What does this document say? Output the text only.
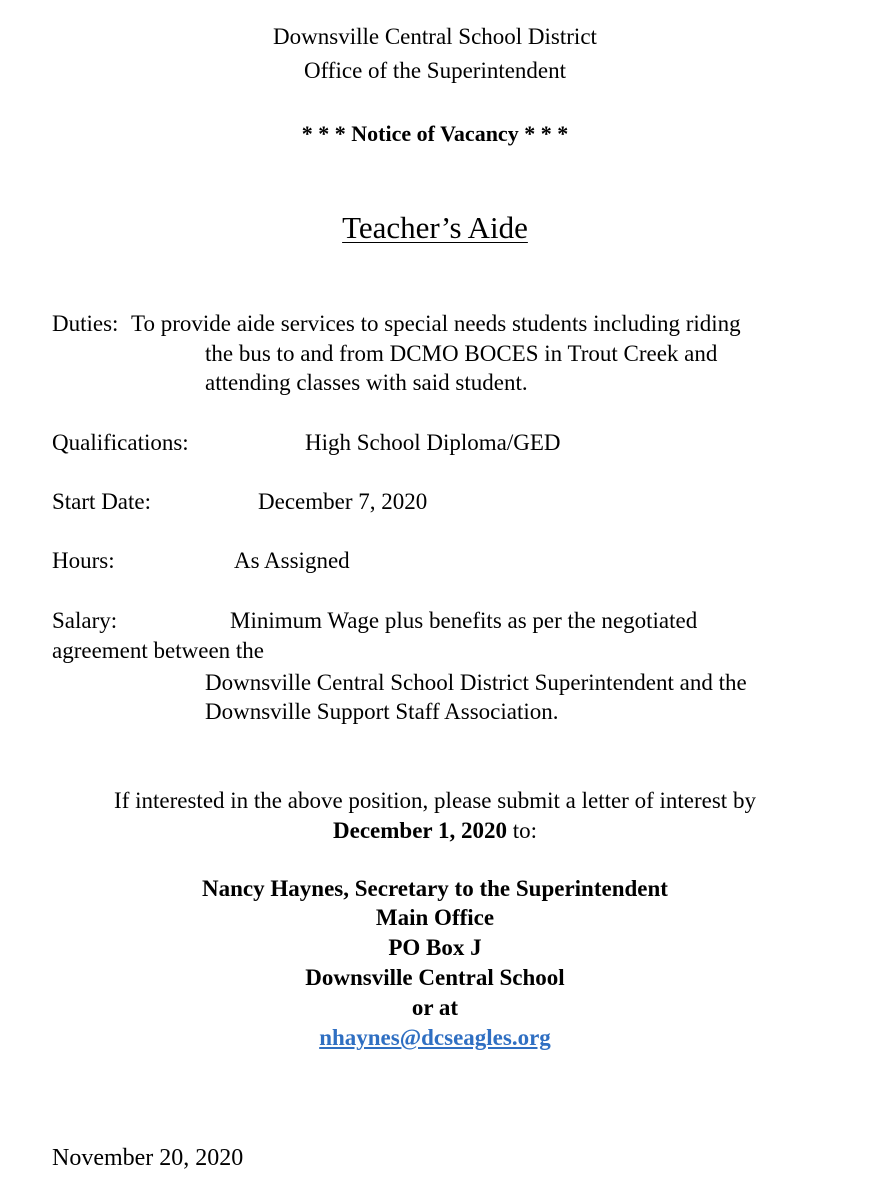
Downsville Central School District
Office of the Superintendent
* * * Notice of Vacancy * * *
Teacher’s Aide
Duties: To provide aide services to special needs students including riding
the bus to and from DCMO BOCES in Trout Creek and
attending classes with said student.
Qualifications:	High School Diploma/GED
Start Date:	December 7, 2020
Hours:	As Assigned
Salary:	Minimum Wage plus benefits as per the negotiated
agreement between the
Downsville Central School District Superintendent and the
Downsville Support Staff Association.
If interested in the above position, please submit a letter of interest by
December 1, 2020 to:
Nancy Haynes, Secretary to the Superintendent
Main Office
PO Box J
Downsville Central School
or at
nhaynes@dcseagles.org
November 20, 2020
